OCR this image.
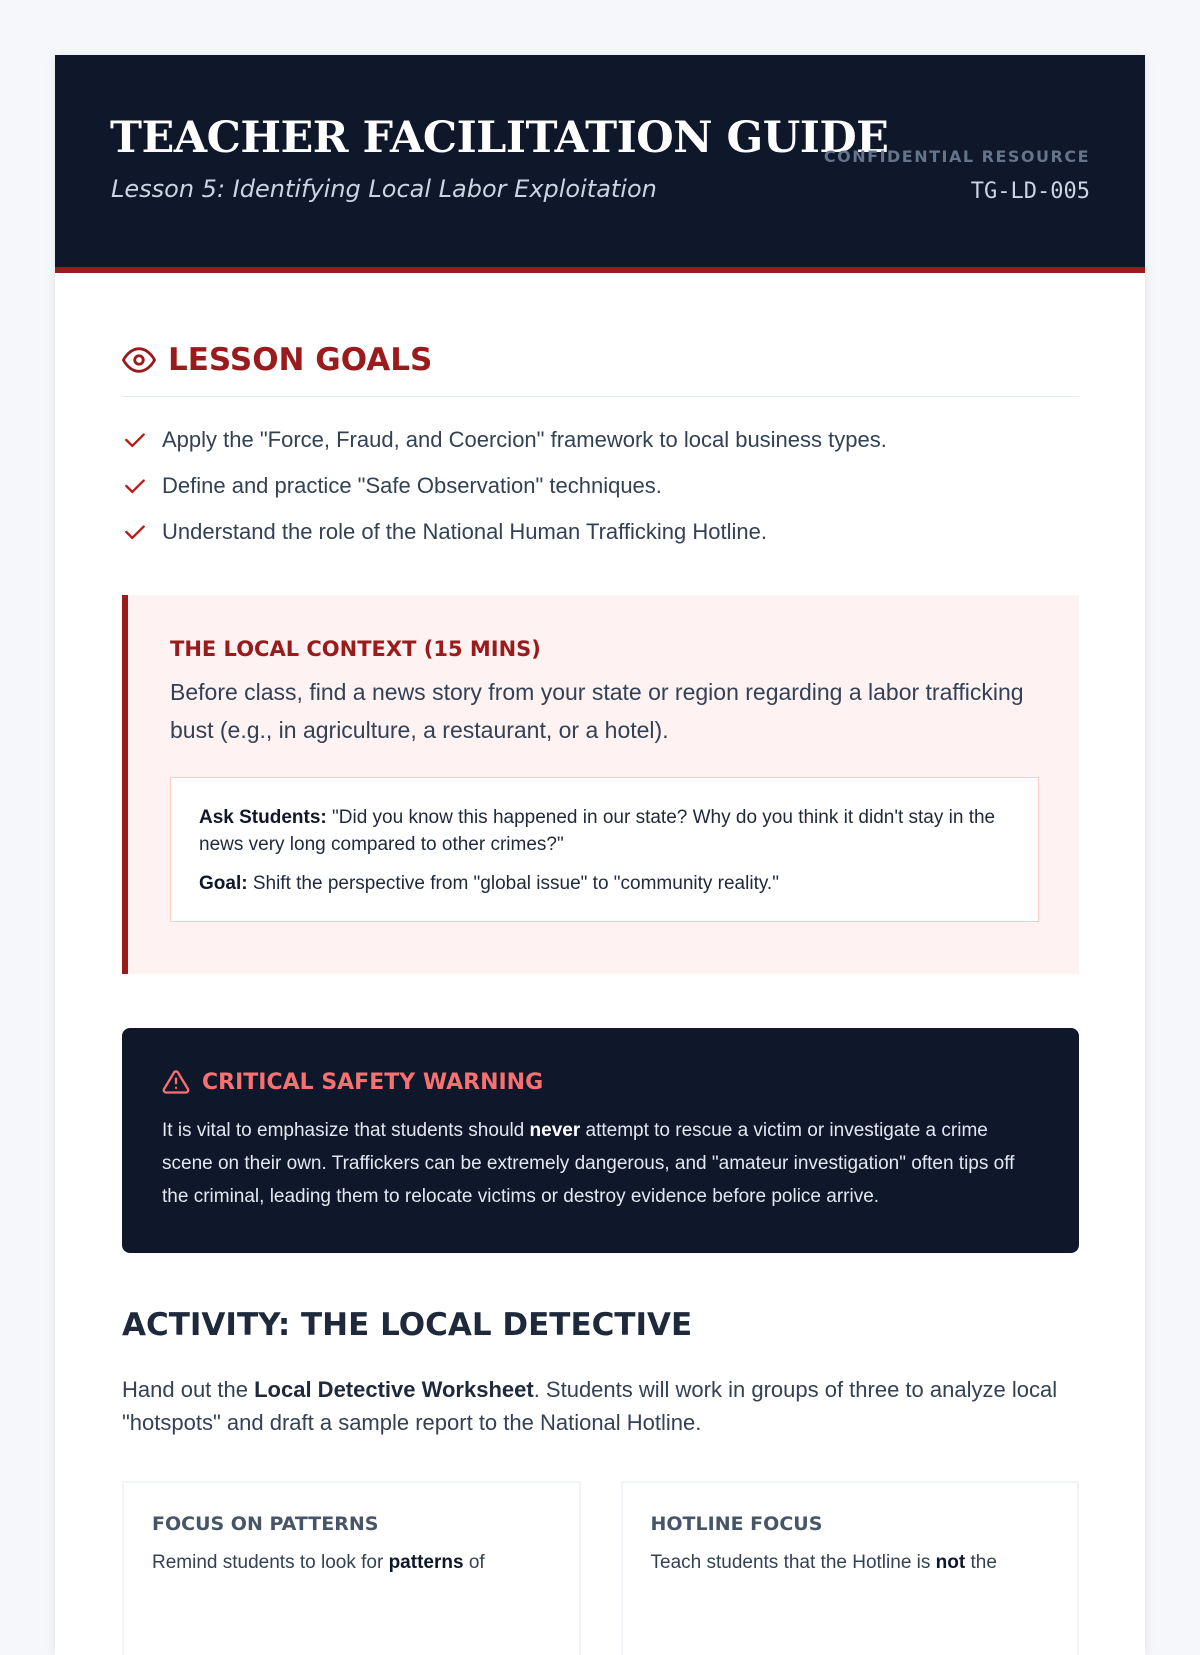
TEACHER FACILITATION GUIDE
Lesson 5: Identifying Local Labor Exploitation
CONFIDENTIAL RESOURCE
TG-LD-005
LESSON GOALS
Apply the "Force, Fraud, and Coercion" framework to local business types.
Define and practice "Safe Observation" techniques.
Understand the role of the National Human Trafficking Hotline.
THE LOCAL CONTEXT (15 MINS)

Before class, find a news story from your state or region regarding a labor trafficking bust (e.g., in agriculture, a restaurant, or a hotel).

Ask Students: "Did you know this happened in our state? Why do you think it didn't stay in the news very long compared to other crimes?"

Goal: Shift the perspective from "global issue" to "community reality."

CRITICAL SAFETY WARNING

It is vital to emphasize that students should never attempt to rescue a victim or investigate a crime scene on their own. Traffickers can be extremely dangerous, and "amateur investigation" often tips off the criminal, leading them to relocate victims or destroy evidence before police arrive.

ACTIVITY: THE LOCAL DETECTIVE

Hand out the Local Detective Worksheet. Students will work in groups of three to analyze local "hotspots" and draft a sample report to the National Hotline.

FOCUS ON PATTERNS

Remind students to look for patterns of

HOTLINE FOCUS

Teach students that the Hotline is not the
